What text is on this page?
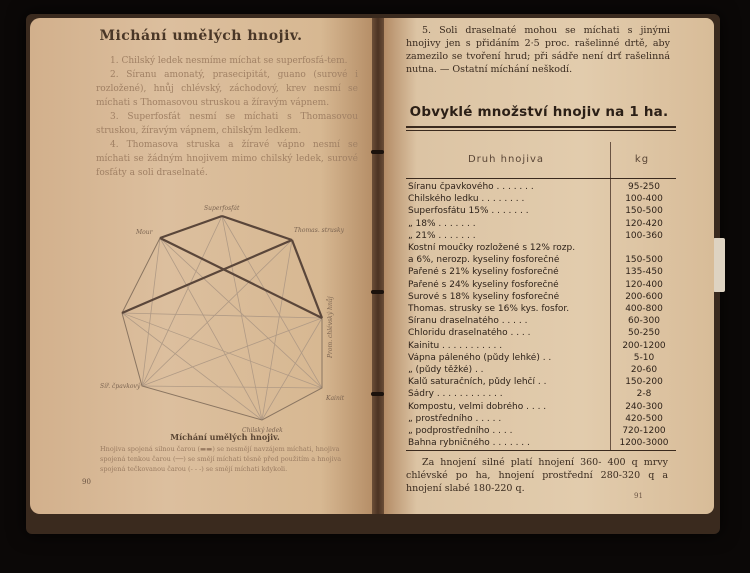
Michání umělých hnojiv.

1. Chilský ledek nesmíme míchat se superfosfá-tem.

2. Síranu amonatý, prasecipitát, guano (surové i rozložené), hnůj chlévský, záchodový, krev nesmí se míchati s Thomasovou struskou a žíravým vápnem.

3. Superfosfát nesmí se míchati s Thomasovou struskou, žíravým vápnem, chilským ledkem.

4. Thomasova struska a žíravé vápno nesmí se míchati se žádným hnojivem mimo chilský ledek, surové fosfáty a soli draselnaté.

Superfosfát
Mour	Thomas. strusky
Prom. chlévský hnůj
Kainit
Chilský ledek
Síř. čpavkový
Míchání umělých hnojiv.
Hnojiva spojená silnou čarou (▬▬) se nesmějí navzájem míchati, hnojiva spojená tenkou čarou (──) se smějí míchati těsně před použitím a hnojiva spojená tečkovanou čarou (- - -) se smějí míchati kdykoli.
90

5. Soli draselnaté mohou se míchati s jinými hnojivy jen s přidáním 2·5 proc. rašelinné drtě, aby zamezilo se tvoření hrud; při sádře není drť rašelinná nutna. — Ostatní míchání neškodí.

Obvyklé množství hnojiv na 1 ha.
Druh hnojiva	kg
Síranu čpavkového . . . . . . .	95-250
Chilského ledku . . . . . . . .	100-400
Superfosfátu 15% . . . . . . .	150-500
„ 18% . . . . . . .	120-420
„ 21% . . . . . . .	100-360
Kostní moučky rozložené s 12% rozp.
a 6%, nerozp. kyseliny fosforečné	150-500
Pařené s 21% kyseliny fosforečné	135-450
Pařené s 24% kyseliny fosforečné	120-400
Surové s 18% kyseliny fosforečné	200-600
Thomas. strusky se 16% kys. fosfor.	400-800
Síranu draselnatého . . . . .	60-300
Chloridu draselnatého . . . .	50-250
Kainitu . . . . . . . . . . .	200-1200
Vápna páleného (půdy lehké) . .	5-10
„ (půdy těžké) . .	20-60
Kalů saturačních, půdy lehčí . .	150-200
Sádry . . . . . . . . . . . .	2-8
Kompostu, velmi dobrého . . . .	240-300
„ prostředního . . . . .	420-500
„ podprostředního . . . .	720-1200
Bahna rybničného . . . . . . .	1200-3000

Za hnojení silné platí hnojení 360- 400 q mrvy chlévské po ha, hnojení prostřední 280-320 q a hnojení slabé 180-220 q.

91
